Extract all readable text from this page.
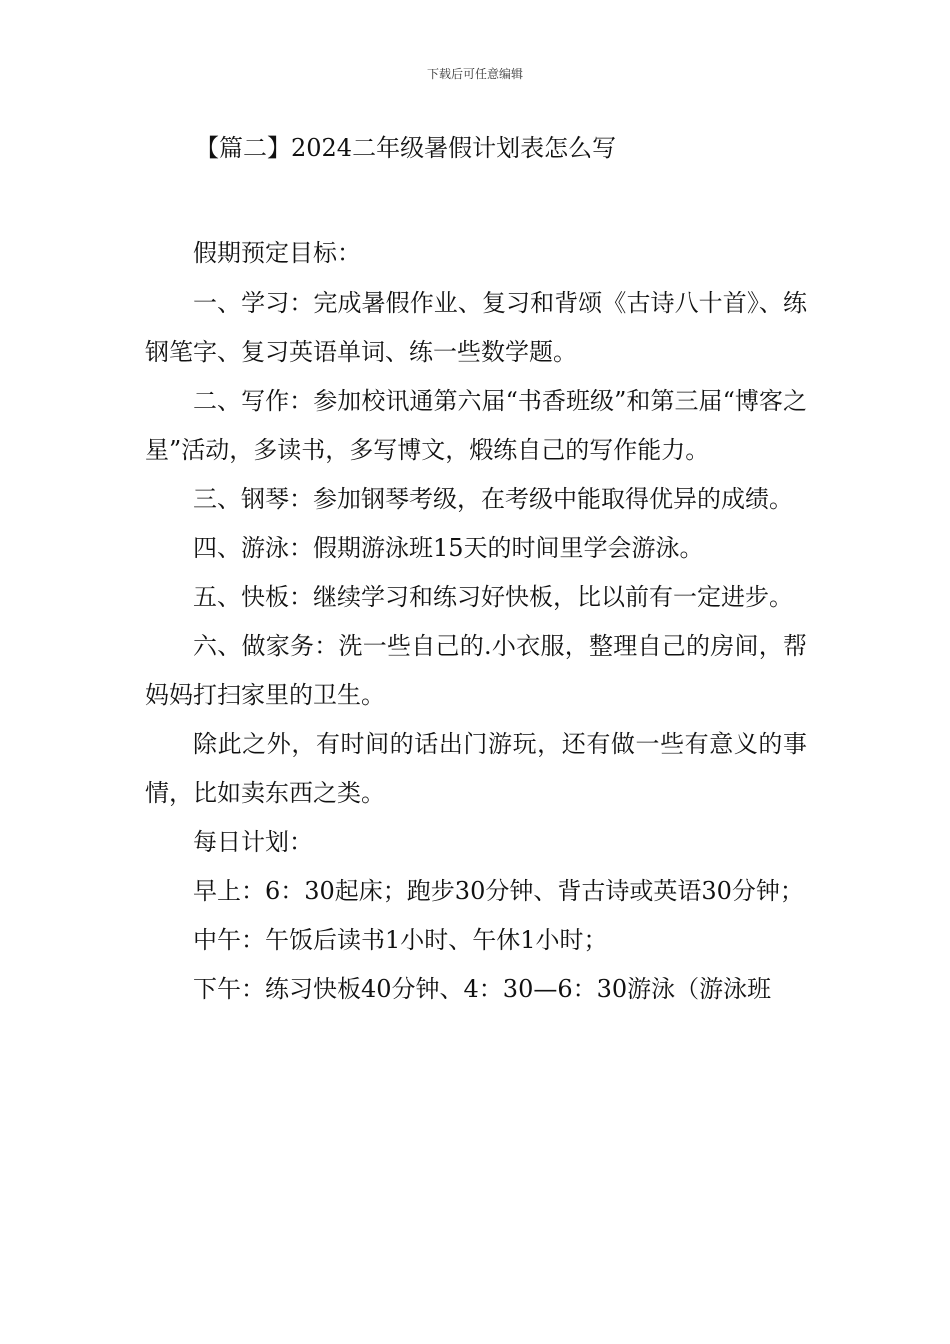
下载后可任意编辑
【篇二】2024二年级暑假计划表怎么写

假期预定目标：

一、学习：完成暑假作业、复习和背颂《古诗八十首》、练钢笔字、复习英语单词、练一些数学题。

二、写作：参加校讯通第六届“书香班级”和第三届“博客之星”活动，多读书，多写博文，煅练自己的写作能力。

三、钢琴：参加钢琴考级，在考级中能取得优异的成绩。

四、游泳：假期游泳班15天的时间里学会游泳。

五、快板：继续学习和练习好快板，比以前有一定进步。

六、做家务：洗一些自己的.小衣服，整理自己的房间，帮妈妈打扫家里的卫生。

除此之外，有时间的话出门游玩，还有做一些有意义的事情，比如卖东西之类。

每日计划：

早上：6：30起床；跑步30分钟、背古诗或英语30分钟；

中午：午饭后读书1小时、午休1小时；

下午：练习快板40分钟、4：30—6：30游泳（游泳班
